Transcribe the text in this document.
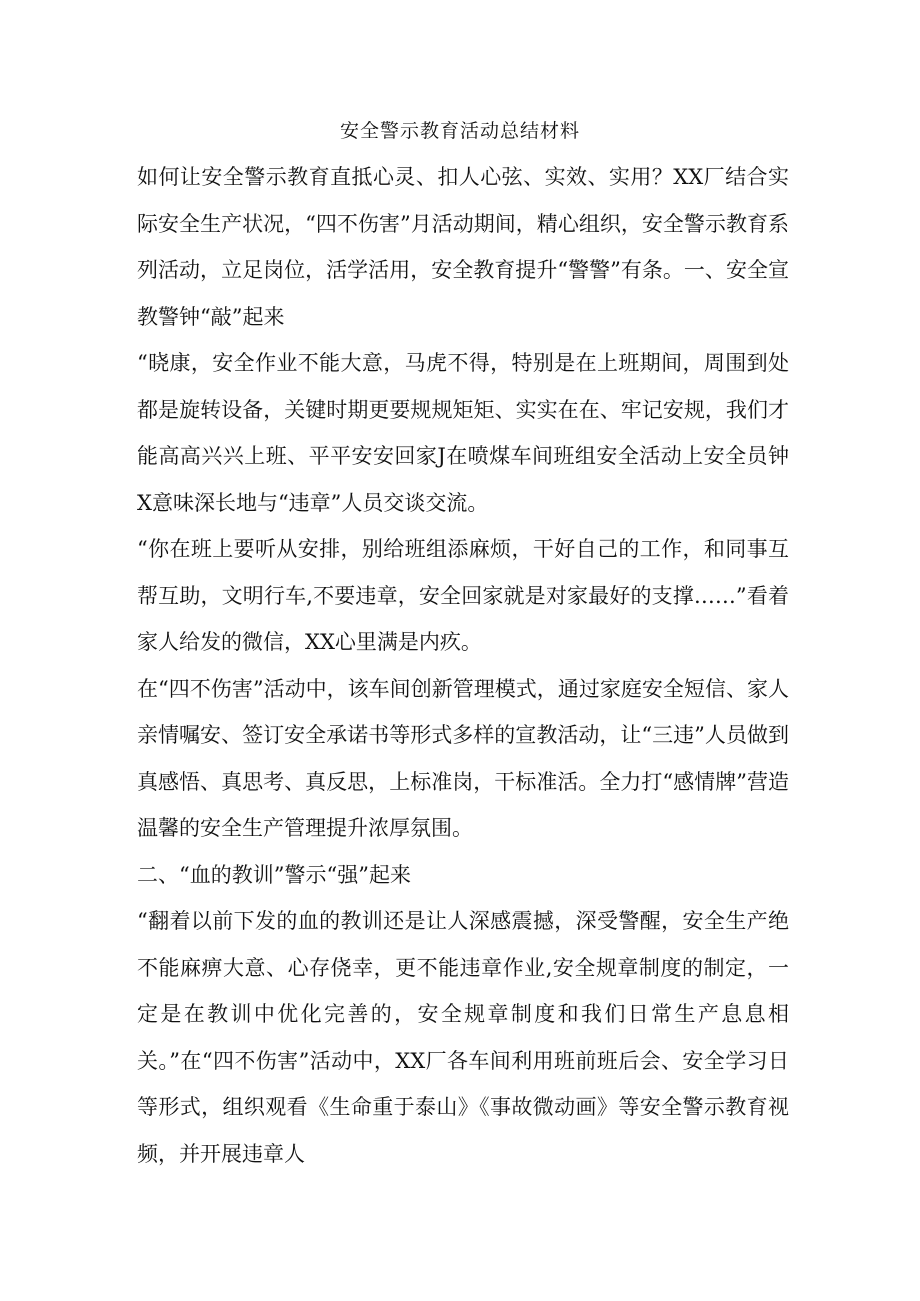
安全警示教育活动总结材料

如何让安全警示教育直抵心灵、扣人心弦、实效、实用？XX厂结合实际安全生产状况，“四不伤害”月活动期间，精心组织，安全警示教育系列活动，立足岗位，活学活用，安全教育提升“警警”有条。一、安全宣教警钟“敲”起来

“晓康，安全作业不能大意，马虎不得，特别是在上班期间，周围到处都是旋转设备，关键时期更要规规矩矩、实实在在、牢记安规，我们才能高高兴兴上班、平平安安回家J在喷煤车间班组安全活动上安全员钟X意味深长地与“违章”人员交谈交流。

“你在班上要听从安排，别给班组添麻烦，干好自己的工作，和同事互帮互助，文明行车,不要违章，安全回家就是对家最好的支撑……”看着家人给发的微信，XX心里满是内疚。

在“四不伤害”活动中，该车间创新管理模式，通过家庭安全短信、家人亲情嘱安、签订安全承诺书等形式多样的宣教活动，让“三违”人员做到真感悟、真思考、真反思，上标准岗，干标准活。全力打“感情牌”营造温馨的安全生产管理提升浓厚氛围。

二、“血的教训”警示“强”起来

“翻着以前下发的血的教训还是让人深感震撼，深受警醒，安全生产绝不能麻痹大意、心存侥幸，更不能违章作业,安全规章制度的制定，一定是在教训中优化完善的，安全规章制度和我们日常生产息息相关。”在“四不伤害”活动中，XX厂各车间利用班前班后会、安全学习日等形式，组织观看《生命重于泰山》《事故微动画》等安全警示教育视频，并开展违章人
